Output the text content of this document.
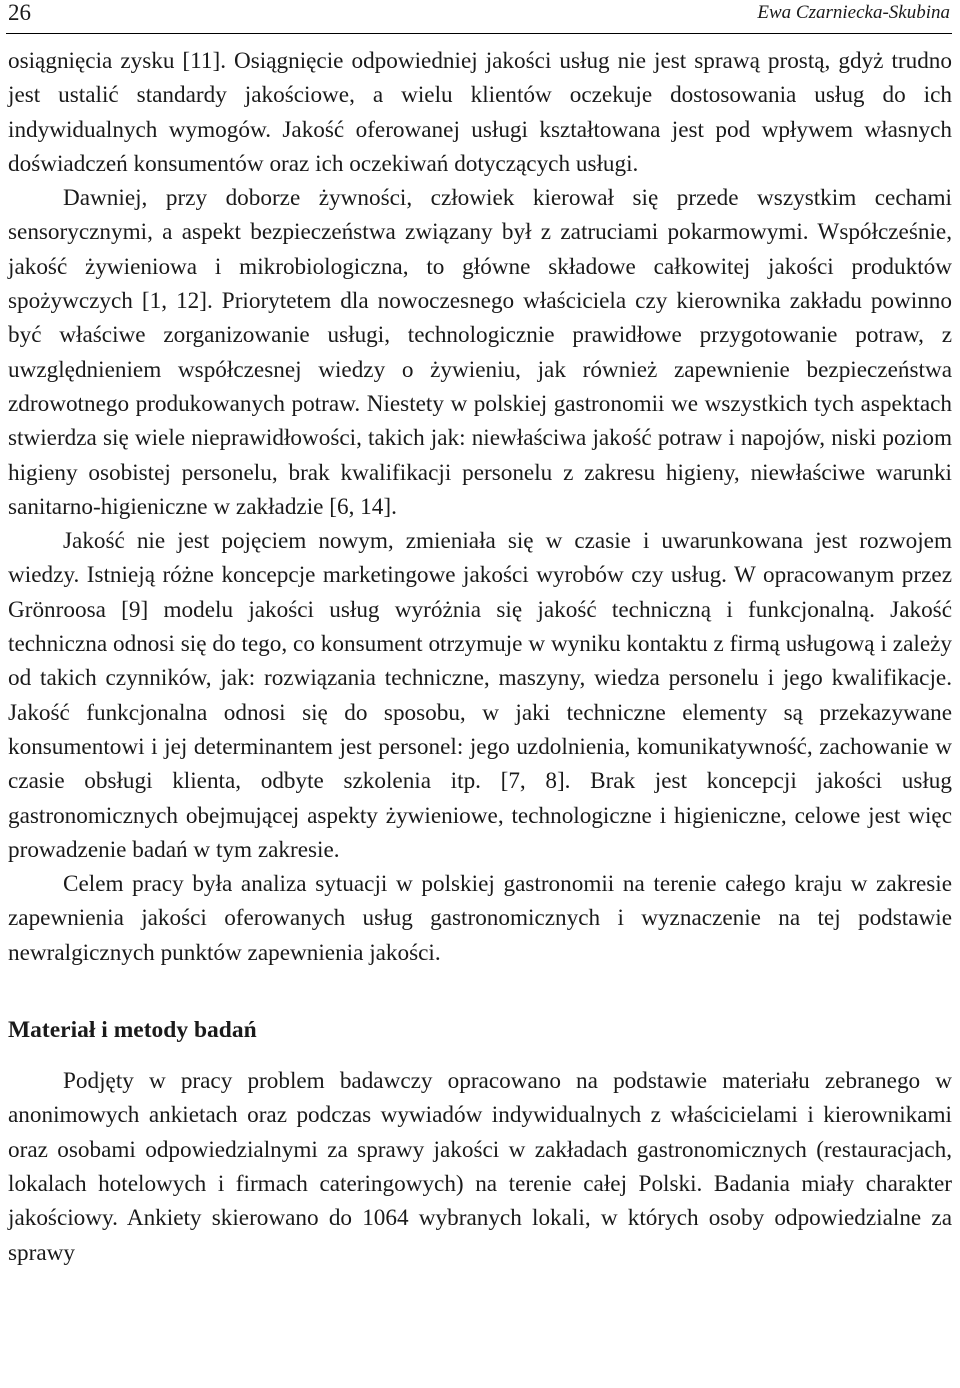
26	Ewa Czarniecka-Skubina

osiągnięcia zysku [11]. Osiągnięcie odpowiedniej jakości usług nie jest sprawą prostą, gdyż trudno jest ustalić standardy jakościowe, a wielu klientów oczekuje dostosowania usług do ich indywidualnych wymogów. Jakość oferowanej usługi kształtowana jest pod wpływem własnych doświadczeń konsumentów oraz ich oczekiwań dotyczących usługi.

Dawniej, przy doborze żywności, człowiek kierował się przede wszystkim cechami sensorycznymi, a aspekt bezpieczeństwa związany był z zatruciami pokarmowymi. Współcześnie, jakość żywieniowa i mikrobiologiczna, to główne składowe całkowitej jakości produktów spożywczych [1, 12]. Priorytetem dla nowoczesnego właściciela czy kierownika zakładu powinno być właściwe zorganizowanie usługi, technologicznie prawidłowe przygotowanie potraw, z uwzględnieniem współczesnej wiedzy o żywieniu, jak również zapewnienie bezpieczeństwa zdrowotnego produkowanych potraw. Niestety w polskiej gastronomii we wszystkich tych aspektach stwierdza się wiele nieprawidłowości, takich jak: niewłaściwa jakość potraw i napojów, niski poziom higieny osobistej personelu, brak kwalifikacji personelu z zakresu higieny, niewłaściwe warunki sanitarno-higieniczne w zakładzie [6, 14].

Jakość nie jest pojęciem nowym, zmieniała się w czasie i uwarunkowana jest rozwojem wiedzy. Istnieją różne koncepcje marketingowe jakości wyrobów czy usług. W opracowanym przez Grönroosa [9] modelu jakości usług wyróżnia się jakość techniczną i funkcjonalną. Jakość techniczna odnosi się do tego, co konsument otrzymuje w wyniku kontaktu z firmą usługową i zależy od takich czynników, jak: rozwiązania techniczne, maszyny, wiedza personelu i jego kwalifikacje. Jakość funkcjonalna odnosi się do sposobu, w jaki techniczne elementy są przekazywane konsumentowi i jej determinantem jest personel: jego uzdolnienia, komunikatywność, zachowanie w czasie obsługi klienta, odbyte szkolenia itp. [7, 8]. Brak jest koncepcji jakości usług gastronomicznych obejmującej aspekty żywieniowe, technologiczne i higieniczne, celowe jest więc prowadzenie badań w tym zakresie.

Celem pracy była analiza sytuacji w polskiej gastronomii na terenie całego kraju w zakresie zapewnienia jakości oferowanych usług gastronomicznych i wyznaczenie na tej podstawie newralgicznych punktów zapewnienia jakości.

Materiał i metody badań

Podjęty w pracy problem badawczy opracowano na podstawie materiału zebranego w anonimowych ankietach oraz podczas wywiadów indywidualnych z właścicielami i kierownikami oraz osobami odpowiedzialnymi za sprawy jakości w zakładach gastronomicznych (restauracjach, lokalach hotelowych i firmach cateringowych) na terenie całej Polski. Badania miały charakter jakościowy. Ankiety skierowano do 1064 wybranych lokali, w których osoby odpowiedzialne za sprawy
